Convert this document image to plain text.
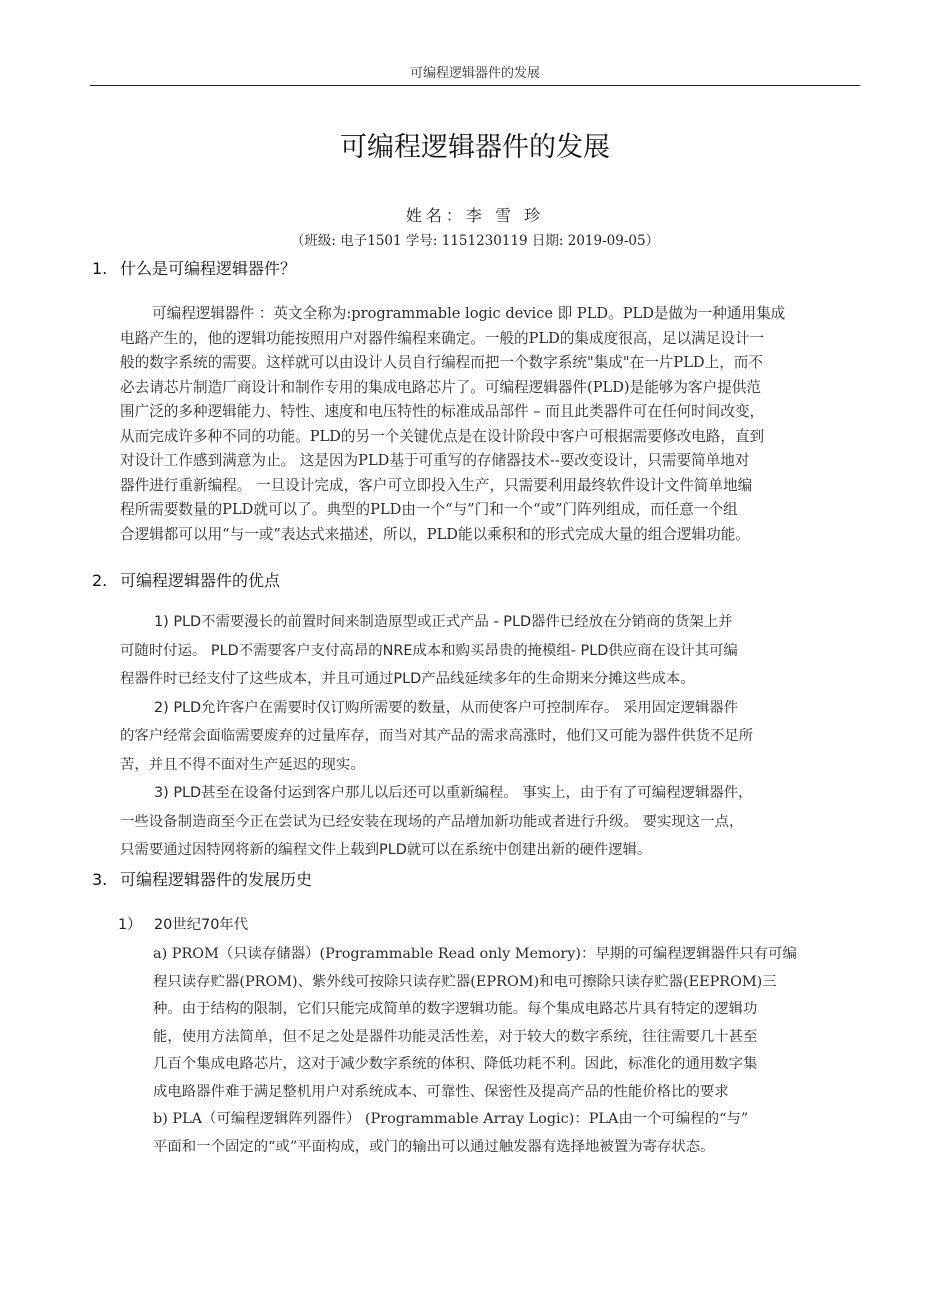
可编程逻辑器件的发展
可编程逻辑器件的发展
姓名：李 雪 珍
（班级: 电子1501 学号: 1151230119 日期: 2019-09-05）
1. 什么是可编程逻辑器件？
可编程逻辑器件 ：英文全称为:programmable logic device 即 PLD。PLD是做为一种通用集成
电路产生的，他的逻辑功能按照用户对器件编程来确定。一般的PLD的集成度很高，足以满足设计一
般的数字系统的需要。这样就可以由设计人员自行编程而把一个数字系统"集成"在一片PLD上，而不
必去请芯片制造厂商设计和制作专用的集成电路芯片了。可编程逻辑器件(PLD)是能够为客户提供范
围广泛的多种逻辑能力、特性、速度和电压特性的标准成品部件 – 而且此类器件可在任何时间改变，
从而完成许多种不同的功能。PLD的另一个关键优点是在设计阶段中客户可根据需要修改电路，直到
对设计工作感到满意为止。 这是因为PLD基于可重写的存储器技术--要改变设计，只需要简单地对
器件进行重新编程。 一旦设计完成，客户可立即投入生产，只需要利用最终软件设计文件简单地编
程所需要数量的PLD就可以了。典型的PLD由一个“与”门和一个“或”门阵列组成，而任意一个组
合逻辑都可以用“与一或”表达式来描述，所以，PLD能以乘积和的形式完成大量的组合逻辑功能。
2. 可编程逻辑器件的优点
1) PLD不需要漫长的前置时间来制造原型或正式产品 - PLD器件已经放在分销商的货架上并
可随时付运。 PLD不需要客户支付高昂的NRE成本和购买昂贵的掩模组- PLD供应商在设计其可编
程器件时已经支付了这些成本，并且可通过PLD产品线延续多年的生命期来分摊这些成本。
2) PLD允许客户在需要时仅订购所需要的数量，从而使客户可控制库存。 采用固定逻辑器件
的客户经常会面临需要废弃的过量库存，而当对其产品的需求高涨时，他们又可能为器件供货不足所
苦，并且不得不面对生产延迟的现实。
3) PLD甚至在设备付运到客户那儿以后还可以重新编程。 事实上，由于有了可编程逻辑器件，
一些设备制造商至今正在尝试为已经安装在现场的产品增加新功能或者进行升级。 要实现这一点，
只需要通过因特网将新的编程文件上载到PLD就可以在系统中创建出新的硬件逻辑。
3. 可编程逻辑器件的发展历史
1） 20世纪70年代
a) PROM（只读存储器）(Programmable Read only Memory)：早期的可编程逻辑器件只有可编
程只读存贮器(PROM)、紫外线可按除只读存贮器(EPROM)和电可擦除只读存贮器(EEPROM)三
种。由于结构的限制，它们只能完成简单的数字逻辑功能。每个集成电路芯片具有特定的逻辑功
能，使用方法简单，但不足之处是器件功能灵活性差，对于较大的数字系统，往往需要几十甚至
几百个集成电路芯片，这对于减少数字系统的体积、降低功耗不利。因此，标准化的通用数字集
成电路器件难于满足整机用户对系统成本、可靠性、保密性及提高产品的性能价格比的要求
b) PLA（可编程逻辑阵列器件） (Programmable Array Logic)：PLA由一个可编程的“与”
平面和一个固定的“或”平面构成，或门的输出可以通过触发器有选择地被置为寄存状态。
